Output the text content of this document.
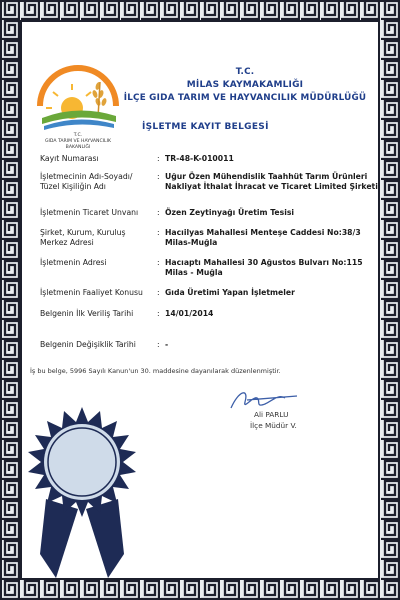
T.C.
GIDA TARIM VE HAYVANCILIK
BAKANLIĞI
T.C.
MİLAS KAYMAKAMLIĞI
İLÇE GIDA TARIM VE HAYVANCILIK MÜDÜRLÜĞÜ
İŞLETME KAYIT BELGESİ
Kayıt Numarası	: TR-48-K-010011
İşletmecinin Adı-Soyadı/
Tüzel Kişiliğin Adı
: Uğur Özen Mühendislik Taahhüt Tarım Ürünleri
Nakliyat İthalat İhracat ve Ticaret Limited Şirketi
İşletmenin Ticaret Unvanı	: Özen Zeytinyağı Üretim Tesisi
Şirket, Kurum, Kuruluş
Merkez Adresi
: Hacıilyas Mahallesi Menteşe Caddesi No:38/3
Milas-Muğla
İşletmenin Adresi	: Hacıaptı Mahallesi 30 Ağustos Bulvarı No:115
Milas - Muğla
İşletmenin Faaliyet Konusu	: Gıda Üretimi Yapan İşletmeler
Belgenin İlk Veriliş Tarihi	: 14/01/2014
Belgenin Değişiklik Tarihi	: -
İş bu belge, 5996 Sayılı Kanun'un 30. maddesine dayanılarak düzenlenmiştir.
Ali PARLU
İlçe Müdür V.
